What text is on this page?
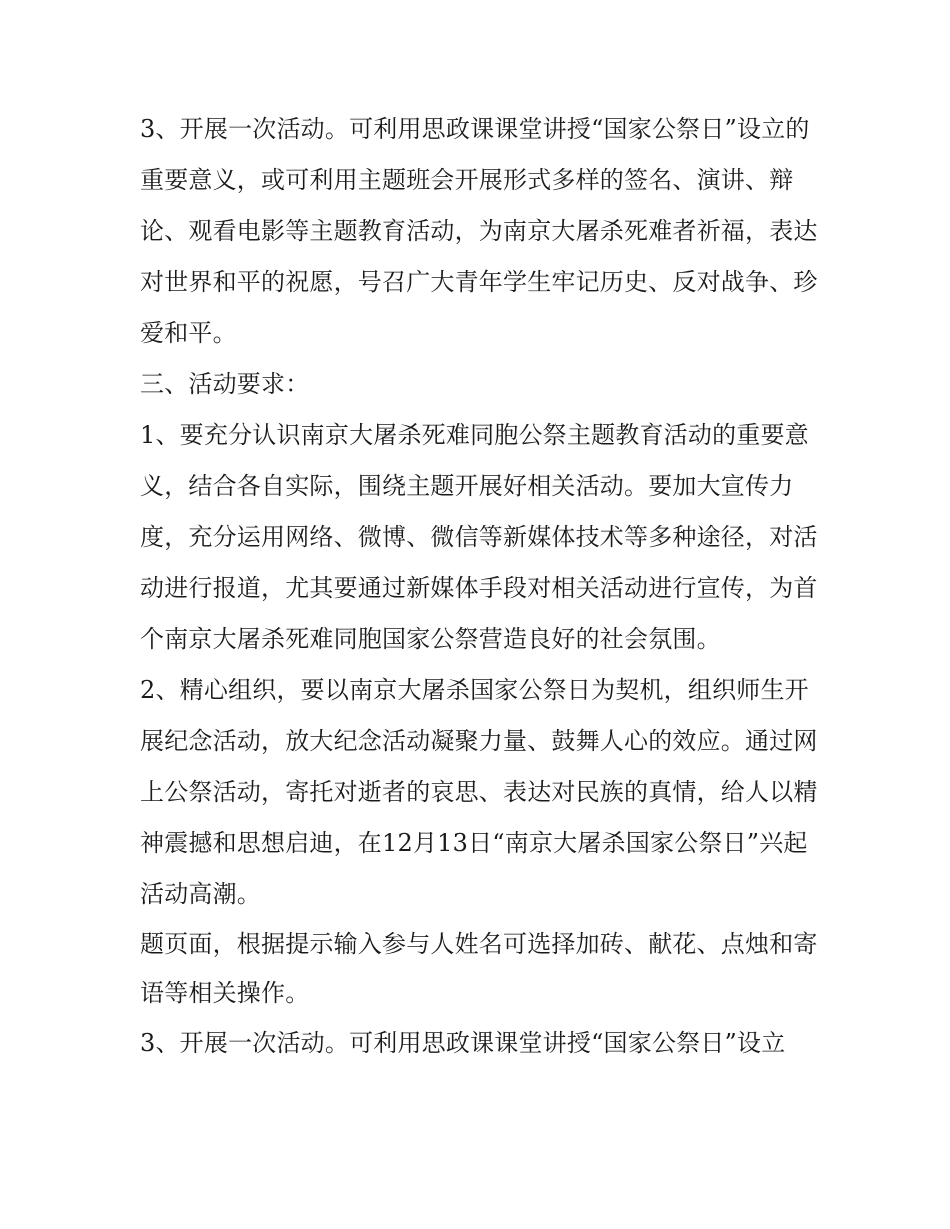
3、开展一次活动。可利用思政课课堂讲授“国家公祭日”设立的重要意义，或可利用主题班会开展形式多样的签名、演讲、辩论、观看电影等主题教育活动，为南京大屠杀死难者祈福，表达对世界和平的祝愿，号召广大青年学生牢记历史、反对战争、珍爱和平。

三、活动要求：

1、要充分认识南京大屠杀死难同胞公祭主题教育活动的重要意义，结合各自实际，围绕主题开展好相关活动。要加大宣传力度，充分运用网络、微博、微信等新媒体技术等多种途径，对活动进行报道，尤其要通过新媒体手段对相关活动进行宣传，为首个南京大屠杀死难同胞国家公祭营造良好的社会氛围。

2、精心组织，要以南京大屠杀国家公祭日为契机，组织师生开展纪念活动，放大纪念活动凝聚力量、鼓舞人心的效应。通过网上公祭活动，寄托对逝者的哀思、表达对民族的真情，给人以精神震撼和思想启迪，在12月13日“南京大屠杀国家公祭日”兴起活动高潮。

题页面，根据提示输入参与人姓名可选择加砖、献花、点烛和寄语等相关操作。

3、开展一次活动。可利用思政课课堂讲授“国家公祭日”设立
